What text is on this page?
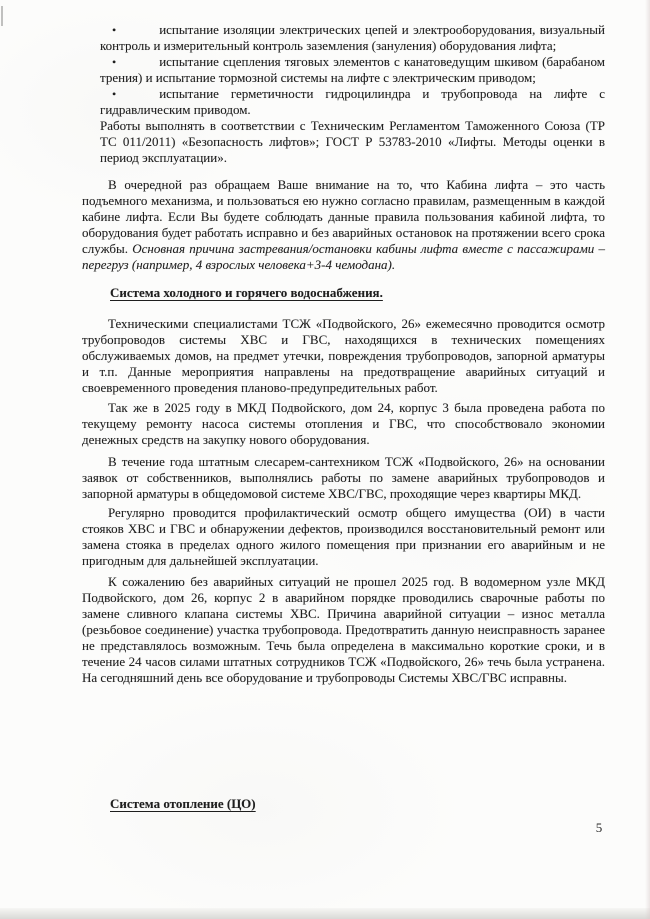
•	испытание изоляции электрических цепей и электрооборудования, визуальный контроль и измерительный контроль заземления (зануления) оборудования лифта;
•	испытание сцепления тяговых элементов с канатоведущим шкивом (барабаном трения) и испытание тормозной системы на лифте с электрическим приводом;
•	испытание герметичности гидроцилиндра и трубопровода на лифте с гидравлическим приводом.

Работы выполнять в соответствии с Техническим Регламентом Таможенного Союза (ТР ТС 011/2011) «Безопасность лифтов»; ГОСТ Р 53783-2010 «Лифты. Методы оценки в период эксплуатации».

В очередной раз обращаем Ваше внимание на то, что Кабина лифта – это часть подъемного механизма, и пользоваться ею нужно согласно правилам, размещенным в каждой кабине лифта. Если Вы будете соблюдать данные правила пользования кабиной лифта, то оборудования будет работать исправно и без аварийных остановок на протяжении всего срока службы. Основная причина застревания/остановки кабины лифта вместе с пассажирами – перегруз (например, 4 взрослых человека+3-4 чемодана).

Система холодного и горячего водоснабжения.

Техническими специалистами ТСЖ «Подвойского, 26» ежемесячно проводится осмотр трубопроводов системы ХВС и ГВС, находящихся в технических помещениях обслуживаемых домов, на предмет утечки, повреждения трубопроводов, запорной арматуры и т.п. Данные мероприятия направлены на предотвращение аварийных ситуаций и своевременного проведения планово-предупредительных работ.

Так же в 2025 году в МКД Подвойского, дом 24, корпус 3 была проведена работа по текущему ремонту насоса системы отопления и ГВС, что способствовало экономии денежных средств на закупку нового оборудования.

В течение года штатным слесарем-сантехником ТСЖ «Подвойского, 26» на основании заявок от собственников, выполнялись работы по замене аварийных трубопроводов и запорной арматуры в общедомовой системе ХВС/ГВС, проходящие через квартиры МКД.

Регулярно проводится профилактический осмотр общего имущества (ОИ) в части стояков ХВС и ГВС и обнаружении дефектов, производился восстановительный ремонт или замена стояка в пределах одного жилого помещения при признании его аварийным и не пригодным для дальнейшей эксплуатации.

К сожалению без аварийных ситуаций не прошел 2025 год. В водомерном узле МКД Подвойского, дом 26, корпус 2 в аварийном порядке проводились сварочные работы по замене сливного клапана системы ХВС. Причина аварийной ситуации – износ металла (резьбовое соединение) участка трубопровода. Предотвратить данную неисправность заранее не представлялось возможным. Течь была определена в максимально короткие сроки, и в течение 24 часов силами штатных сотрудников ТСЖ «Подвойского, 26» течь была устранена. На сегодняшний день все оборудование и трубопроводы Системы ХВС/ГВС исправны.

Система отопление (ЦО)
5
